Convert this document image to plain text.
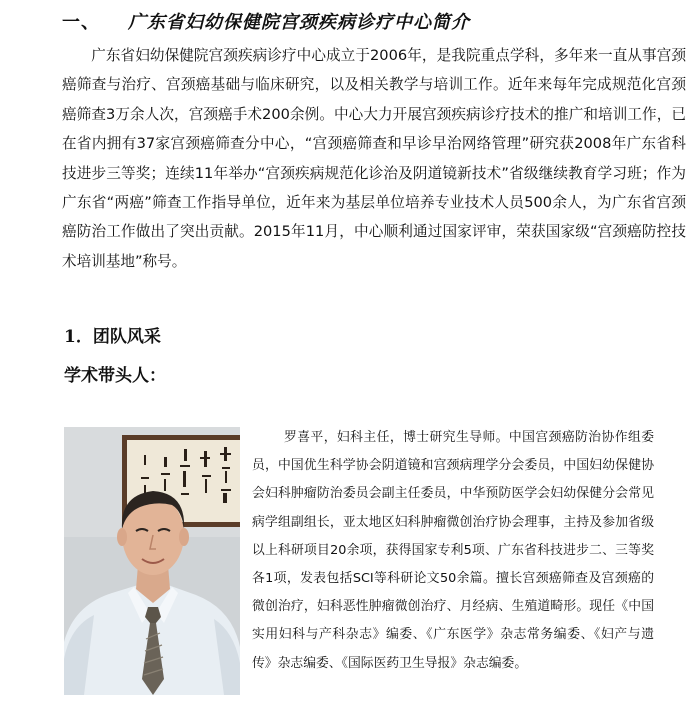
一、 广东省妇幼保健院宫颈疾病诊疗中心简介

广东省妇幼保健院宫颈疾病诊疗中心成立于2006年，是我院重点学科，多年来一直从事宫颈癌筛查与治疗、宫颈癌基础与临床研究，以及相关教学与培训工作。近年来每年完成规范化宫颈癌筛查3万余人次，宫颈癌手术200余例。中心大力开展宫颈疾病诊疗技术的推广和培训工作，已在省内拥有37家宫颈癌筛查分中心，“宫颈癌筛查和早诊早治网络管理”研究获2008年广东省科技进步三等奖；连续11年举办“宫颈疾病规范化诊治及阴道镜新技术”省级继续教育学习班；作为广东省“两癌”筛查工作指导单位，近年来为基层单位培养专业技术人员500余人，为广东省宫颈癌防治工作做出了突出贡献。2015年11月，中心顺利通过国家评审，荣获国家级“宫颈癌防控技术培训基地”称号。

1．团队风采
学术带头人：

罗喜平，妇科主任，博士研究生导师。中国宫颈癌防治协作组委员，中国优生科学协会阴道镜和宫颈病理学分会委员，中国妇幼保健协会妇科肿瘤防治委员会副主任委员，中华预防医学会妇幼保健分会常见病学组副组长，亚太地区妇科肿瘤微创治疗协会理事，主持及参加省级以上科研项目20余项，获得国家专利5项、广东省科技进步二、三等奖各1项，发表包括SCI等科研论文50余篇。擅长宫颈癌筛查及宫颈癌的微创治疗，妇科恶性肿瘤微创治疗、月经病、生殖道畸形。现任《中国实用妇科与产科杂志》编委、《广东医学》杂志常务编委、《妇产与遗传》杂志编委、《国际医药卫生导报》杂志编委。
